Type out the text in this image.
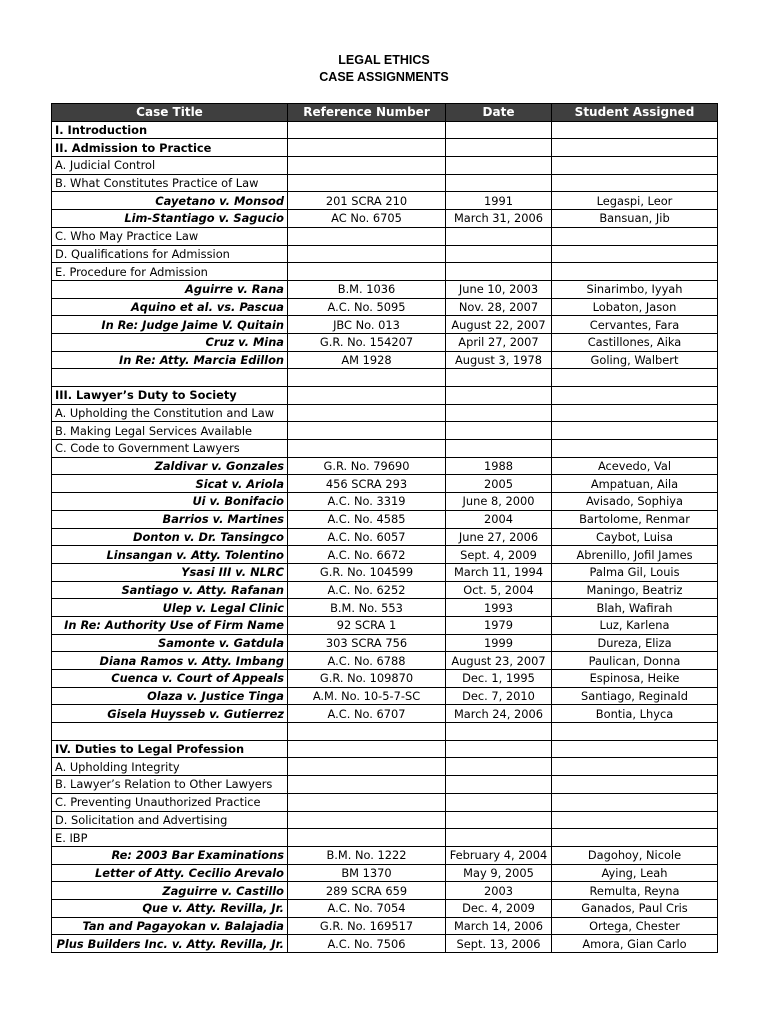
LEGAL ETHICS
CASE ASSIGNMENTS
Case Title	Reference Number	Date	Student Assigned
I. Introduction			
II. Admission to Practice			
A. Judicial Control			
B. What Constitutes Practice of Law			
Cayetano v. Monsod	201 SCRA 210	1991	Legaspi, Leor
Lim-Stantiago v. Sagucio	AC No. 6705	March 31, 2006	Bansuan, Jib
C. Who May Practice Law			
D. Qualifications for Admission			
E. Procedure for Admission			
Aguirre v. Rana	B.M. 1036	June 10, 2003	Sinarimbo, Iyyah
Aquino et al. vs. Pascua	A.C. No. 5095	Nov. 28, 2007	Lobaton, Jason
In Re: Judge Jaime V. Quitain	JBC No. 013	August 22, 2007	Cervantes, Fara
Cruz v. Mina	G.R. No. 154207	April 27, 2007	Castillones, Aika
In Re: Atty. Marcia Edillon	AM 1928	August 3, 1978	Goling, Walbert

III. Lawyer’s Duty to Society			
A. Upholding the Constitution and Law			
B. Making Legal Services Available			
C. Code to Government Lawyers			
Zaldivar v. Gonzales	G.R. No. 79690	1988	Acevedo, Val
Sicat v. Ariola	456 SCRA 293	2005	Ampatuan, Aila
Ui v. Bonifacio	A.C. No. 3319	June 8, 2000	Avisado, Sophiya
Barrios v. Martines	A.C. No. 4585	2004	Bartolome, Renmar
Donton v. Dr. Tansingco	A.C. No. 6057	June 27, 2006	Caybot, Luisa
Linsangan v. Atty. Tolentino	A.C. No. 6672	Sept. 4, 2009	Abrenillo, Jofil James
Ysasi III v. NLRC	G.R. No. 104599	March 11, 1994	Palma Gil, Louis
Santiago v. Atty. Rafanan	A.C. No. 6252	Oct. 5, 2004	Maningo, Beatriz
Ulep v. Legal Clinic	B.M. No. 553	1993	Blah, Wafirah
In Re: Authority Use of Firm Name	92 SCRA 1	1979	Luz, Karlena
Samonte v. Gatdula	303 SCRA 756	1999	Dureza, Eliza
Diana Ramos v. Atty. Imbang	A.C. No. 6788	August 23, 2007	Paulican, Donna
Cuenca v. Court of Appeals	G.R. No. 109870	Dec. 1, 1995	Espinosa, Heike
Olaza v. Justice Tinga	A.M. No. 10-5-7-SC	Dec. 7, 2010	Santiago, Reginald
Gisela Huysseb v. Gutierrez	A.C. No. 6707	March 24, 2006	Bontia, Lhyca

IV. Duties to Legal Profession			
A. Upholding Integrity			
B. Lawyer’s Relation to Other Lawyers			
C. Preventing Unauthorized Practice			
D. Solicitation and Advertising			
E. IBP			
Re: 2003 Bar Examinations	B.M. No. 1222	February 4, 2004	Dagohoy, Nicole
Letter of Atty. Cecilio Arevalo	BM 1370	May 9, 2005	Aying, Leah
Zaguirre v. Castillo	289 SCRA 659	2003	Remulta, Reyna
Que v. Atty. Revilla, Jr.	A.C. No. 7054	Dec. 4, 2009	Ganados, Paul Cris
Tan and Pagayokan v. Balajadia	G.R. No. 169517	March 14, 2006	Ortega, Chester
Plus Builders Inc. v. Atty. Revilla, Jr.	A.C. No. 7506	Sept. 13, 2006	Amora, Gian Carlo
